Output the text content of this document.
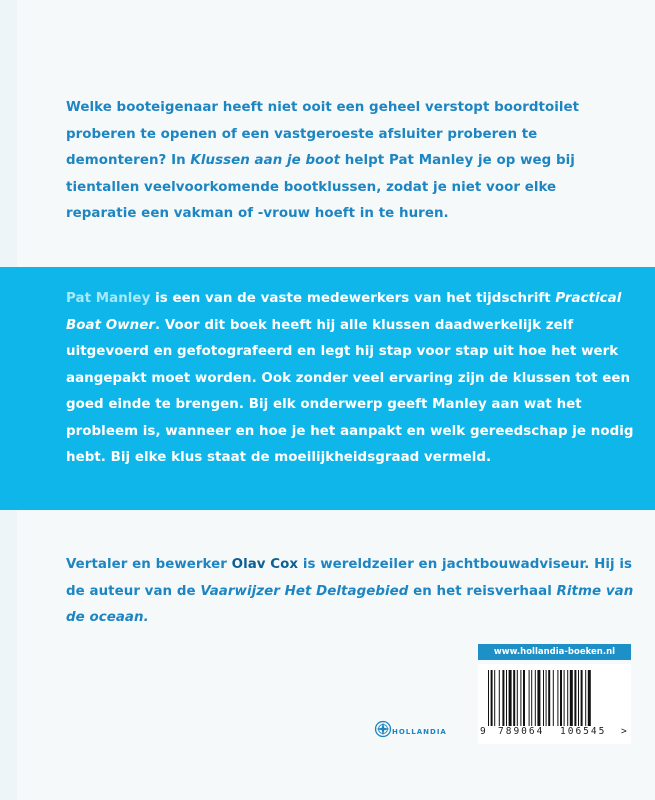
Welke booteigenaar heeft niet ooit een geheel verstopt boordtoilet proberen te openen of een vastgeroeste afsluiter proberen te demonteren? In Klussen aan je boot helpt Pat Manley je op weg bij tientallen veelvoorkomende bootklussen, zodat je niet voor elke reparatie een vakman of -vrouw hoeft in te huren.

Pat Manley is een van de vaste medewerkers van het tijdschrift Practical Boat Owner. Voor dit boek heeft hij alle klussen daadwerkelijk zelf uitgevoerd en gefotografeerd en legt hij stap voor stap uit hoe het werk aangepakt moet worden. Ook zonder veel ervaring zijn de klussen tot een goed einde te brengen. Bij elk onderwerp geeft Manley aan wat het probleem is, wanneer en hoe je het aanpakt en welk gereedschap je nodig hebt. Bij elke klus staat de moeilijkheidsgraad vermeld.

Vertaler en bewerker Olav Cox is wereldzeiler en jachtbouwadviseur. Hij is de auteur van de Vaarwijzer Het Deltagebied en het reisverhaal Ritme van de oceaan.

www.hollandia-boeken.nl
9 789064 106545 >
HOLLANDIA
